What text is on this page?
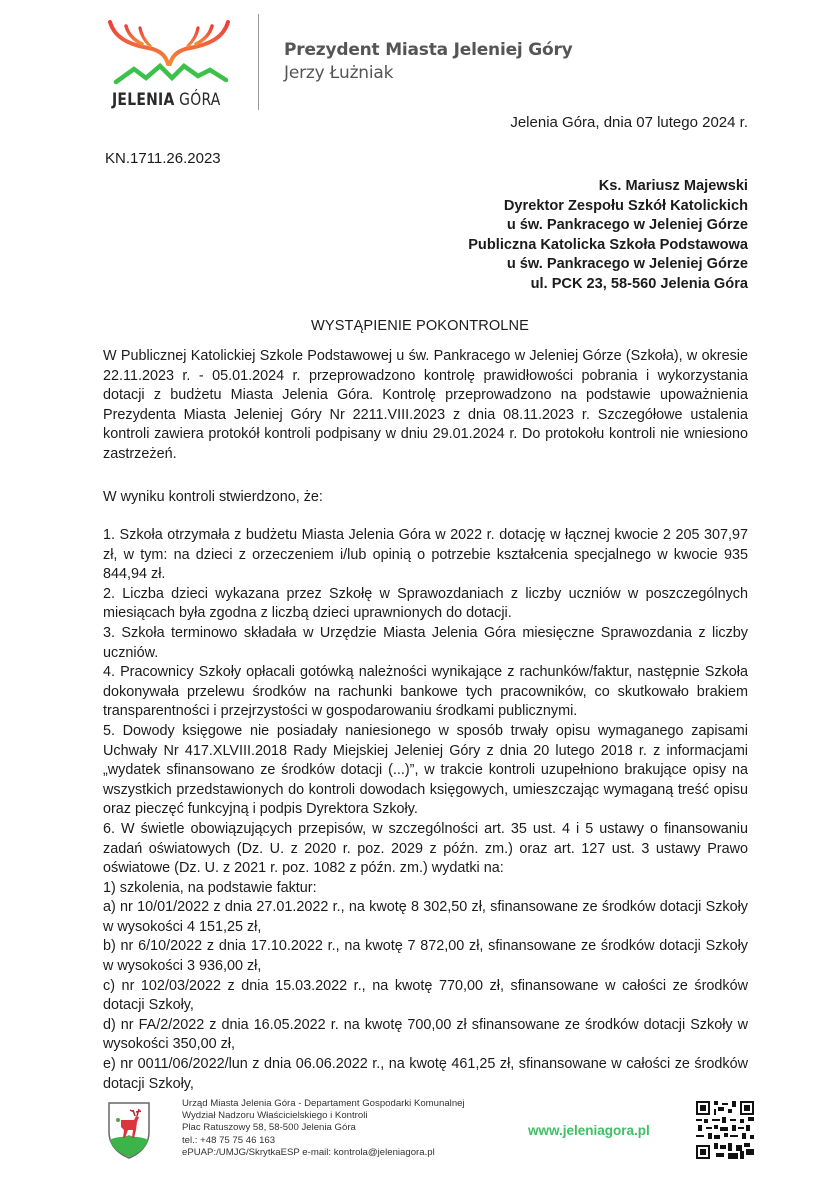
JELENIA GÓRA
Prezydent Miasta Jeleniej Góry
Jerzy Łużniak
Jelenia Góra, dnia 07 lutego 2024 r.
KN.1711.26.2023
Ks. Mariusz Majewski
Dyrektor Zespołu Szkół Katolickich
u św. Pankracego w Jeleniej Górze
Publiczna Katolicka Szkoła Podstawowa
u św. Pankracego w Jeleniej Górze
ul. PCK 23, 58-560 Jelenia Góra
WYSTĄPIENIE POKONTROLNE

W Publicznej Katolickiej Szkole Podstawowej u św. Pankracego w Jeleniej Górze (Szkoła), w okresie 22.11.2023 r. - 05.01.2024 r. przeprowadzono kontrolę prawidłowości pobrania i wykorzystania dotacji z budżetu Miasta Jelenia Góra. Kontrolę przeprowadzono na podstawie upoważnienia Prezydenta Miasta Jeleniej Góry Nr 2211.VIII.2023 z dnia 08.11.2023 r. Szczegółowe ustalenia kontroli zawiera protokół kontroli podpisany w dniu 29.01.2024 r. Do protokołu kontroli nie wniesiono zastrzeżeń.

W wyniku kontroli stwierdzono, że:

1. Szkoła otrzymała z budżetu Miasta Jelenia Góra w 2022 r. dotację w łącznej kwocie 2 205 307,97 zł, w tym: na dzieci z orzeczeniem i/lub opinią o potrzebie kształcenia specjalnego w kwocie 935 844,94 zł.

2. Liczba dzieci wykazana przez Szkołę w Sprawozdaniach z liczby uczniów w poszczególnych miesiącach była zgodna z liczbą dzieci uprawnionych do dotacji.

3. Szkoła terminowo składała w Urzędzie Miasta Jelenia Góra miesięczne Sprawozdania z liczby uczniów.

4. Pracownicy Szkoły opłacali gotówką należności wynikające z rachunków/faktur, następnie Szkoła dokonywała przelewu środków na rachunki bankowe tych pracowników, co skutkowało brakiem transparentności i przejrzystości w gospodarowaniu środkami publicznymi.

5. Dowody księgowe nie posiadały naniesionego w sposób trwały opisu wymaganego zapisami Uchwały Nr 417.XLVIII.2018 Rady Miejskiej Jeleniej Góry z dnia 20 lutego 2018 r. z informacjami „wydatek sfinansowano ze środków dotacji (...)”, w trakcie kontroli uzupełniono brakujące opisy na wszystkich przedstawionych do kontroli dowodach księgowych, umieszczając wymaganą treść opisu oraz pieczęć funkcyjną i podpis Dyrektora Szkoły.

6. W świetle obowiązujących przepisów, w szczególności art. 35 ust. 4 i 5 ustawy o finansowaniu zadań oświatowych (Dz. U. z 2020 r. poz. 2029 z późn. zm.) oraz art. 127 ust. 3 ustawy Prawo oświatowe (Dz. U. z 2021 r. poz. 1082 z późn. zm.) wydatki na:

1) szkolenia, na podstawie faktur:

a) nr 10/01/2022 z dnia 27.01.2022 r., na kwotę 8 302,50 zł, sfinansowane ze środków dotacji Szkoły w wysokości 4 151,25 zł,

b) nr 6/10/2022 z dnia 17.10.2022 r., na kwotę 7 872,00 zł, sfinansowane ze środków dotacji Szkoły w wysokości 3 936,00 zł,

c) nr 102/03/2022 z dnia 15.03.2022 r., na kwotę 770,00 zł, sfinansowane w całości ze środków dotacji Szkoły,

d) nr FA/2/2022 z dnia 16.05.2022 r. na kwotę 700,00 zł sfinansowane ze środków dotacji Szkoły w wysokości 350,00 zł,

e) nr 0011/06/2022/lun z dnia 06.06.2022 r., na kwotę 461,25 zł, sfinansowane w całości ze środków dotacji Szkoły,

Urząd Miasta Jelenia Góra - Departament Gospodarki Komunalnej
Wydział Nadzoru Właścicielskiego i Kontroli
Plac Ratuszowy 58, 58-500 Jelenia Góra
tel.: +48 75 75 46 163
ePUAP:/UMJG/SkrytkaESP e-mail: kontrola@jeleniagora.pl
www.jeleniagora.pl
